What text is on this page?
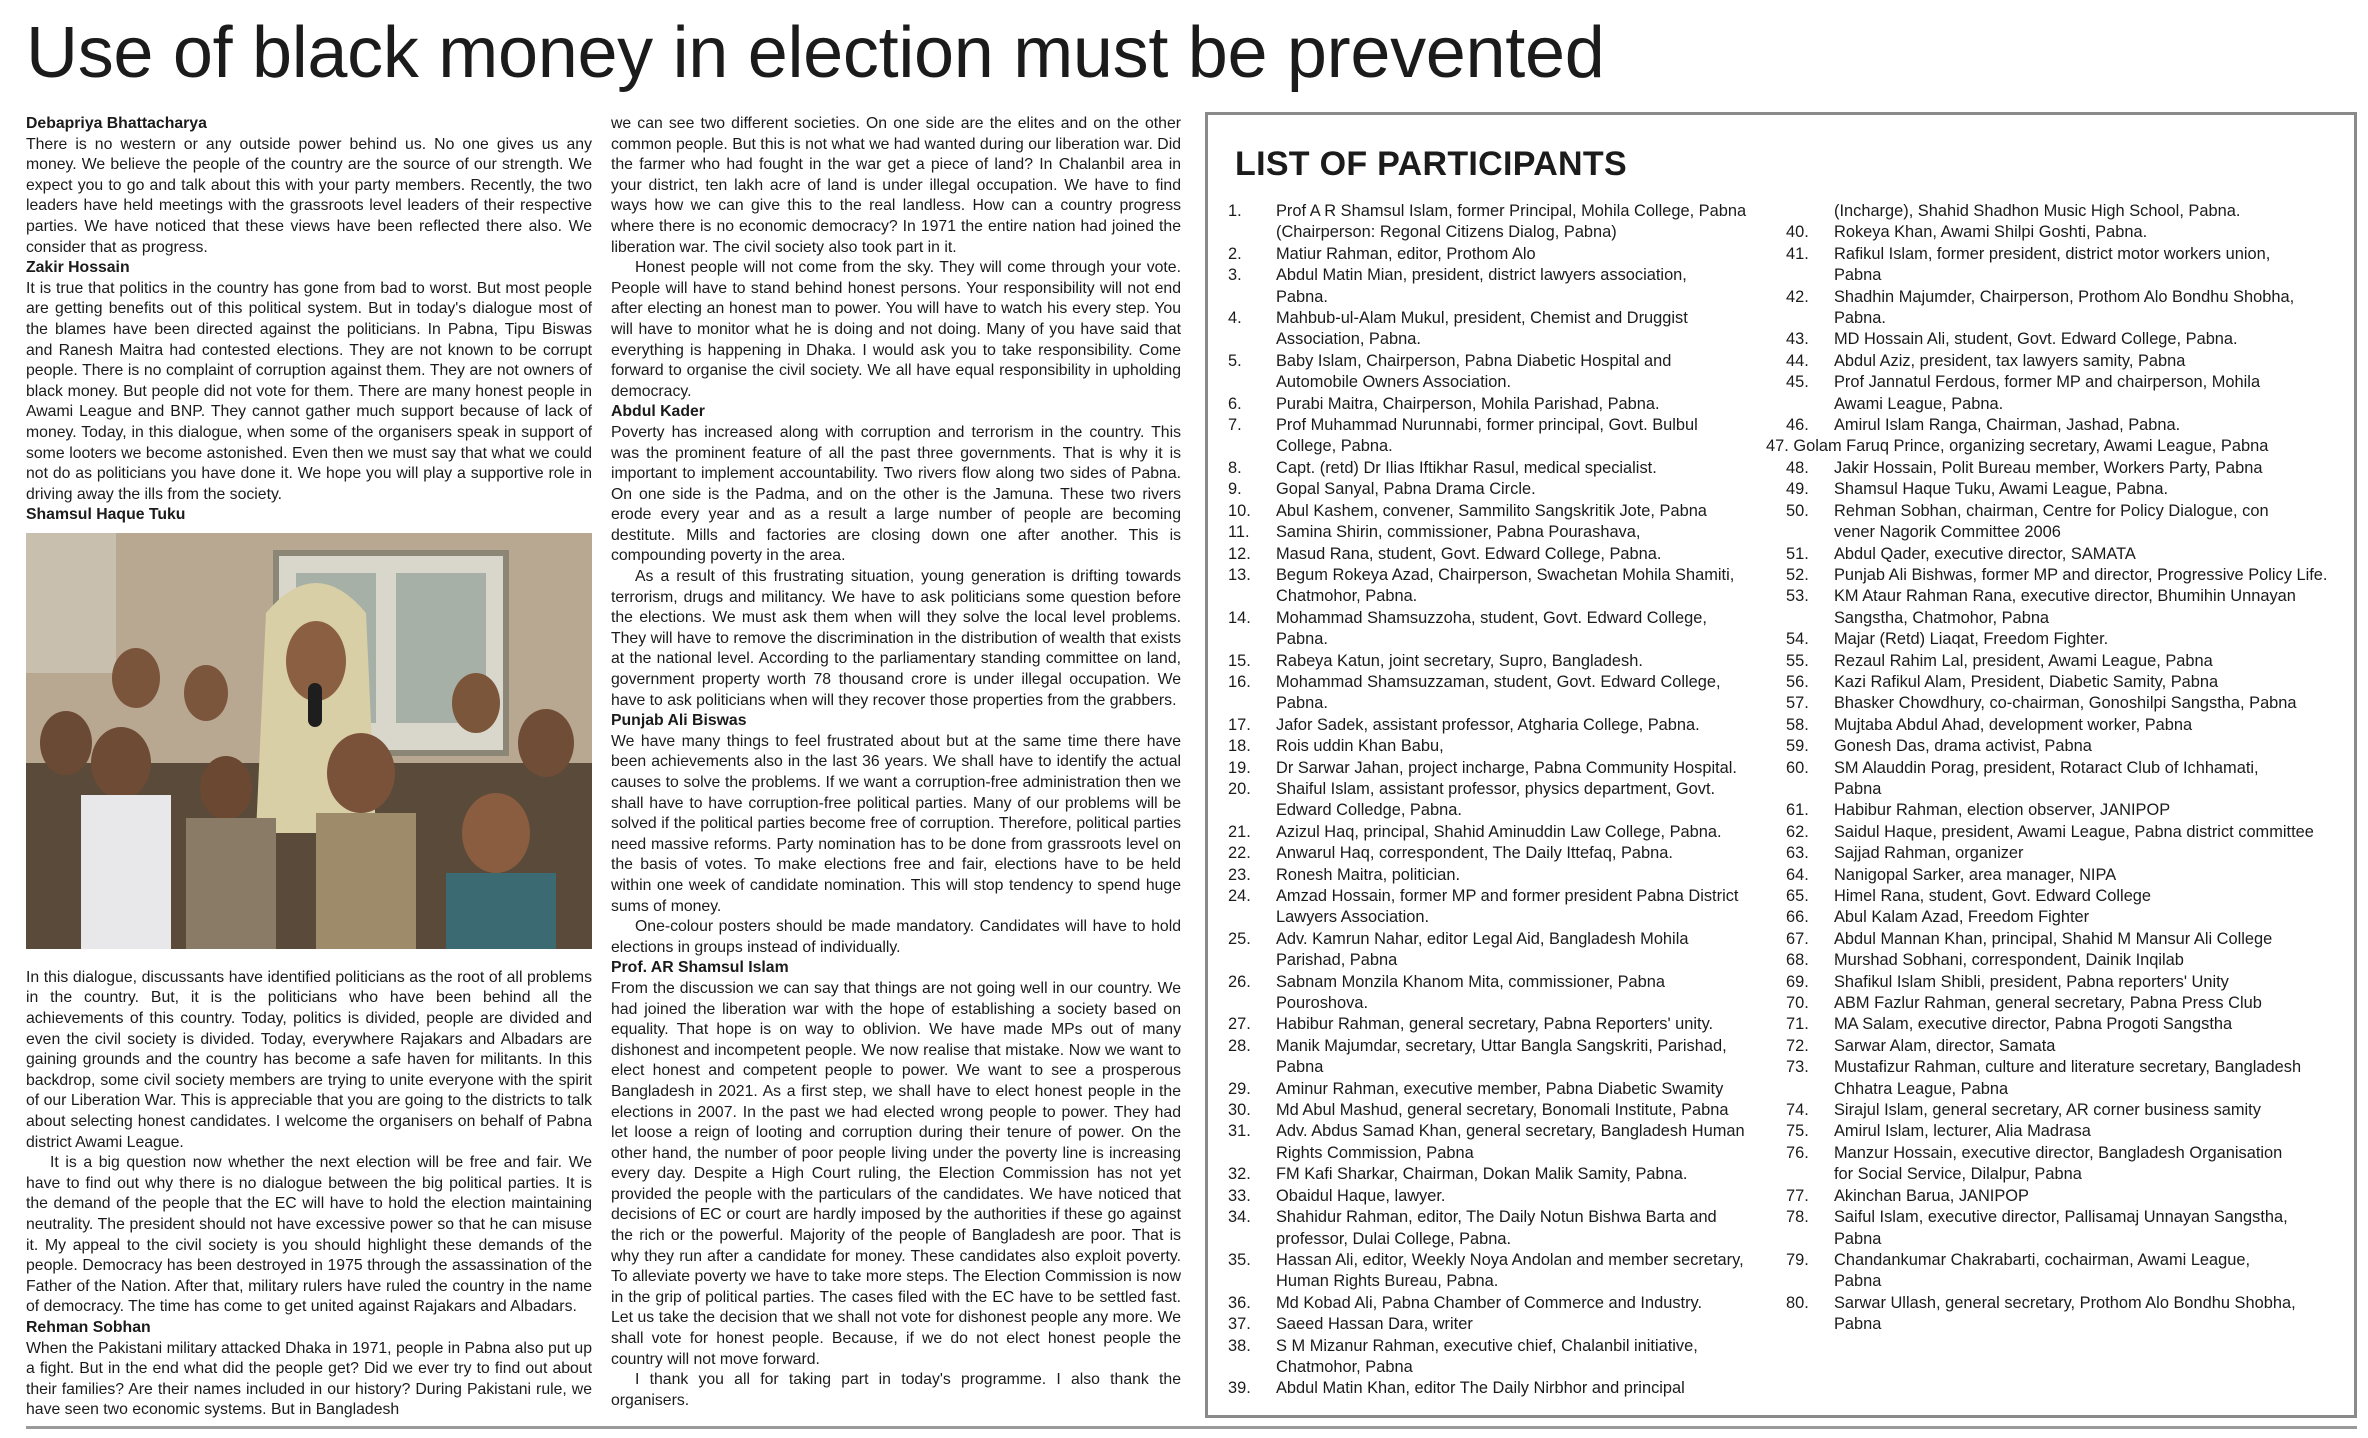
Use of black money in election must be prevented

Debapriya Bhattacharya

There is no western or any outside power behind us. No one gives us any money. We believe the people of the country are the source of our strength. We expect you to go and talk about this with your party members. Recently, the two leaders have held meetings with the grassroots level leaders of their respective parties. We have noticed that these views have been reflected there also. We consider that as progress.

Zakir Hossain

It is true that politics in the country has gone from bad to worst. But most people are getting benefits out of this political system. But in today's dialogue most of the blames have been directed against the politicians. In Pabna, Tipu Biswas and Ranesh Maitra had contested elections. They are not known to be corrupt people. There is no complaint of corruption against them. They are not owners of black money. But people did not vote for them. There are many honest people in Awami League and BNP. They cannot gather much support because of lack of money. Today, in this dialogue, when some of the organisers speak in support of some looters we become astonished. Even then we must say that what we could not do as politicians you have done it. We hope you will play a supportive role in driving away the ills from the society.

Shamsul Haque Tuku

In this dialogue, discussants have identified politicians as the root of all problems in the country. But, it is the politicians who have been behind all the achievements of this country. Today, politics is divided, people are divided and even the civil society is divided. Today, everywhere Rajakars and Albadars are gaining grounds and the country has become a safe haven for militants. In this backdrop, some civil society members are trying to unite everyone with the spirit of our Liberation War. This is appreciable that you are going to the districts to talk about selecting honest candidates. I welcome the organisers on behalf of Pabna district Awami League.

It is a big question now whether the next election will be free and fair. We have to find out why there is no dialogue between the big political parties. It is the demand of the people that the EC will have to hold the election maintaining neutrality. The president should not have excessive power so that he can misuse it. My appeal to the civil society is you should highlight these demands of the people. Democracy has been destroyed in 1975 through the assassination of the Father of the Nation. After that, military rulers have ruled the country in the name of democracy. The time has come to get united against Rajakars and Albadars.

Rehman Sobhan

When the Pakistani military attacked Dhaka in 1971, people in Pabna also put up a fight. But in the end what did the people get? Did we ever try to find out about their families? Are their names included in our history? During Pakistani rule, we have seen two economic systems. But in Bangladesh

we can see two different societies. On one side are the elites and on the other common people. But this is not what we had wanted during our liberation war. Did the farmer who had fought in the war get a piece of land? In Chalanbil area in your district, ten lakh acre of land is under illegal occupation. We have to find ways how we can give this to the real landless. How can a country progress where there is no economic democracy? In 1971 the entire nation had joined the liberation war. The civil society also took part in it.

Honest people will not come from the sky. They will come through your vote. People will have to stand behind honest persons. Your responsibility will not end after electing an honest man to power. You will have to watch his every step. You will have to monitor what he is doing and not doing. Many of you have said that everything is happening in Dhaka. I would ask you to take responsibility. Come forward to organise the civil society. We all have equal responsibility in upholding democracy.

Abdul Kader

Poverty has increased along with corruption and terrorism in the country. This was the prominent feature of all the past three governments. That is why it is important to implement accountability. Two rivers flow along two sides of Pabna. On one side is the Padma, and on the other is the Jamuna. These two rivers erode every year and as a result a large number of people are becoming destitute. Mills and factories are closing down one after another. This is compounding poverty in the area.

As a result of this frustrating situation, young generation is drifting towards terrorism, drugs and militancy. We have to ask politicians some question before the elections. We must ask them when will they solve the local level problems. They will have to remove the discrimination in the distribution of wealth that exists at the national level. According to the parliamentary standing committee on land, government property worth 78 thousand crore is under illegal occupation. We have to ask politicians when will they recover those properties from the grabbers.

Punjab Ali Biswas

We have many things to feel frustrated about but at the same time there have been achievements also in the last 36 years. We shall have to identify the actual causes to solve the problems. If we want a corruption-free administration then we shall have to have corruption-free political parties. Many of our problems will be solved if the political parties become free of corruption. Therefore, political parties need massive reforms. Party nomination has to be done from grassroots level on the basis of votes. To make elections free and fair, elections have to be held within one week of candidate nomination. This will stop tendency to spend huge sums of money.

One-colour posters should be made mandatory. Candidates will have to hold elections in groups instead of individually.

Prof. AR Shamsul Islam

From the discussion we can say that things are not going well in our country. We had joined the liberation war with the hope of establishing a society based on equality. That hope is on way to oblivion. We have made MPs out of many dishonest and incompetent people. We now realise that mistake. Now we want to elect honest and competent people to power. We want to see a prosperous Bangladesh in 2021. As a first step, we shall have to elect honest people in the elections in 2007. In the past we had elected wrong people to power. They had let loose a reign of looting and corruption during their tenure of power. On the other hand, the number of poor people living under the poverty line is increasing every day. Despite a High Court ruling, the Election Commission has not yet provided the people with the particulars of the candidates. We have noticed that decisions of EC or court are hardly imposed by the authorities if these go against the rich or the powerful. Majority of the people of Bangladesh are poor. That is why they run after a candidate for money. These candidates also exploit poverty. To alleviate poverty we have to take more steps. The Election Commission is now in the grip of political parties. The cases filed with the EC have to be settled fast. Let us take the decision that we shall not vote for dishonest people any more. We shall vote for honest people. Because, if we do not elect honest people the country will not move forward.

I thank you all for taking part in today's programme. I also thank the organisers.

LIST OF PARTICIPANTS
1.	Prof A R Shamsul Islam, former Principal, Mohila College, Pabna
(Chairperson: Regonal Citizens Dialog, Pabna)
2.	Matiur Rahman, editor, Prothom Alo
3.	Abdul Matin Mian, president, district lawyers association,
Pabna.
4.	Mahbub-ul-Alam Mukul, president, Chemist and Druggist
Association, Pabna.
5.	Baby Islam, Chairperson, Pabna Diabetic Hospital and
Automobile Owners Association.
6.	Purabi Maitra, Chairperson, Mohila Parishad, Pabna.
7.	Prof Muhammad Nurunnabi, former principal, Govt. Bulbul
College, Pabna.
8.	Capt. (retd) Dr Ilias Iftikhar Rasul, medical specialist.
9.	Gopal Sanyal, Pabna Drama Circle.
10.	Abul Kashem, convener, Sammilito Sangskritik Jote, Pabna
11.	Samina Shirin, commissioner, Pabna Pourashava,
12.	Masud Rana, student, Govt. Edward College, Pabna.
13.	Begum Rokeya Azad, Chairperson, Swachetan Mohila Shamiti,
Chatmohor, Pabna.
14.	Mohammad Shamsuzzoha, student, Govt. Edward College,
Pabna.
15.	Rabeya Katun, joint secretary, Supro, Bangladesh.
16.	Mohammad Shamsuzzaman, student, Govt. Edward College,
Pabna.
17.	Jafor Sadek, assistant professor, Atgharia College, Pabna.
18.	Rois uddin Khan Babu,
19.	Dr Sarwar Jahan, project incharge, Pabna Community Hospital.
20.	Shaiful Islam, assistant professor, physics department, Govt.
Edward Colledge, Pabna.
21.	Azizul Haq, principal, Shahid Aminuddin Law College, Pabna.
22.	Anwarul Haq, correspondent, The Daily Ittefaq, Pabna.
23.	Ronesh Maitra, politician.
24.	Amzad Hossain, former MP and former president Pabna District
Lawyers Association.
25.	Adv. Kamrun Nahar, editor Legal Aid, Bangladesh Mohila
Parishad, Pabna
26.	Sabnam Monzila Khanom Mita, commissioner, Pabna
Pouroshova.
27.	Habibur Rahman, general secretary, Pabna Reporters' unity.
28.	Manik Majumdar, secretary, Uttar Bangla Sangskriti, Parishad,
Pabna
29.	Aminur Rahman, executive member, Pabna Diabetic Swamity
30.	Md Abul Mashud, general secretary, Bonomali Institute, Pabna
31.	Adv. Abdus Samad Khan, general secretary, Bangladesh Human
Rights Commission, Pabna
32.	FM Kafi Sharkar, Chairman, Dokan Malik Samity, Pabna.
33.	Obaidul Haque, lawyer.
34.	Shahidur Rahman, editor, The Daily Notun Bishwa Barta and
professor, Dulai College, Pabna.
35.	Hassan Ali, editor, Weekly Noya Andolan and member secretary,
Human Rights Bureau, Pabna.
36.	Md Kobad Ali, Pabna Chamber of Commerce and Industry.
37.	Saeed Hassan Dara, writer
38.	S M Mizanur Rahman, executive chief, Chalanbil initiative,
Chatmohor, Pabna
39.	Abdul Matin Khan, editor The Daily Nirbhor and principal
(Incharge), Shahid Shadhon Music High School, Pabna.
40.	Rokeya Khan, Awami Shilpi Goshti, Pabna.
41.	Rafikul Islam, former president, district motor workers union,
Pabna
42.	Shadhin Majumder, Chairperson, Prothom Alo Bondhu Shobha,
Pabna.
43.	MD Hossain Ali, student, Govt. Edward College, Pabna.
44.	Abdul Aziz, president, tax lawyers samity, Pabna
45.	Prof Jannatul Ferdous, former MP and chairperson, Mohila
Awami League, Pabna.
46.	Amirul Islam Ranga, Chairman, Jashad, Pabna.
47. Golam Faruq Prince, organizing secretary, Awami League, Pabna
48.	Jakir Hossain, Polit Bureau member, Workers Party, Pabna
49.	Shamsul Haque Tuku, Awami League, Pabna.
50.	Rehman Sobhan, chairman, Centre for Policy Dialogue, con
vener Nagorik Committee 2006
51.	Abdul Qader, executive director, SAMATA
52.	Punjab Ali Bishwas, former MP and director, Progressive Policy Life.
53.	KM Ataur Rahman Rana, executive director, Bhumihin Unnayan
Sangstha, Chatmohor, Pabna
54.	Majar (Retd) Liaqat, Freedom Fighter.
55.	Rezaul Rahim Lal, president, Awami League, Pabna
56.	Kazi Rafikul Alam, President, Diabetic Samity, Pabna
57.	Bhasker Chowdhury, co-chairman, Gonoshilpi Sangstha, Pabna
58.	Mujtaba Abdul Ahad, development worker, Pabna
59.	Gonesh Das, drama activist, Pabna
60.	SM Alauddin Porag, president, Rotaract Club of Ichhamati,
Pabna
61.	Habibur Rahman, election observer, JANIPOP
62.	Saidul Haque, president, Awami League, Pabna district committee
63.	Sajjad Rahman, organizer
64.	Nanigopal Sarker, area manager, NIPA
65.	Himel Rana, student, Govt. Edward College
66.	Abul Kalam Azad, Freedom Fighter
67.	Abdul Mannan Khan, principal, Shahid M Mansur Ali College
68.	Murshad Sobhani, correspondent, Dainik Inqilab
69.	Shafikul Islam Shibli, president, Pabna reporters' Unity
70.	ABM Fazlur Rahman, general secretary, Pabna Press Club
71.	MA Salam, executive director, Pabna Progoti Sangstha
72.	Sarwar Alam, director, Samata
73.	Mustafizur Rahman, culture and literature secretary, Bangladesh
Chhatra League, Pabna
74.	Sirajul Islam, general secretary, AR corner business samity
75.	Amirul Islam, lecturer, Alia Madrasa
76.	Manzur Hossain, executive director, Bangladesh Organisation
for Social Service, Dilalpur, Pabna
77.	Akinchan Barua, JANIPOP
78.	Saiful Islam, executive director, Pallisamaj Unnayan Sangstha,
Pabna
79.	Chandankumar Chakrabarti, cochairman, Awami League,
Pabna
80.	Sarwar Ullash, general secretary, Prothom Alo Bondhu Shobha,
Pabna
